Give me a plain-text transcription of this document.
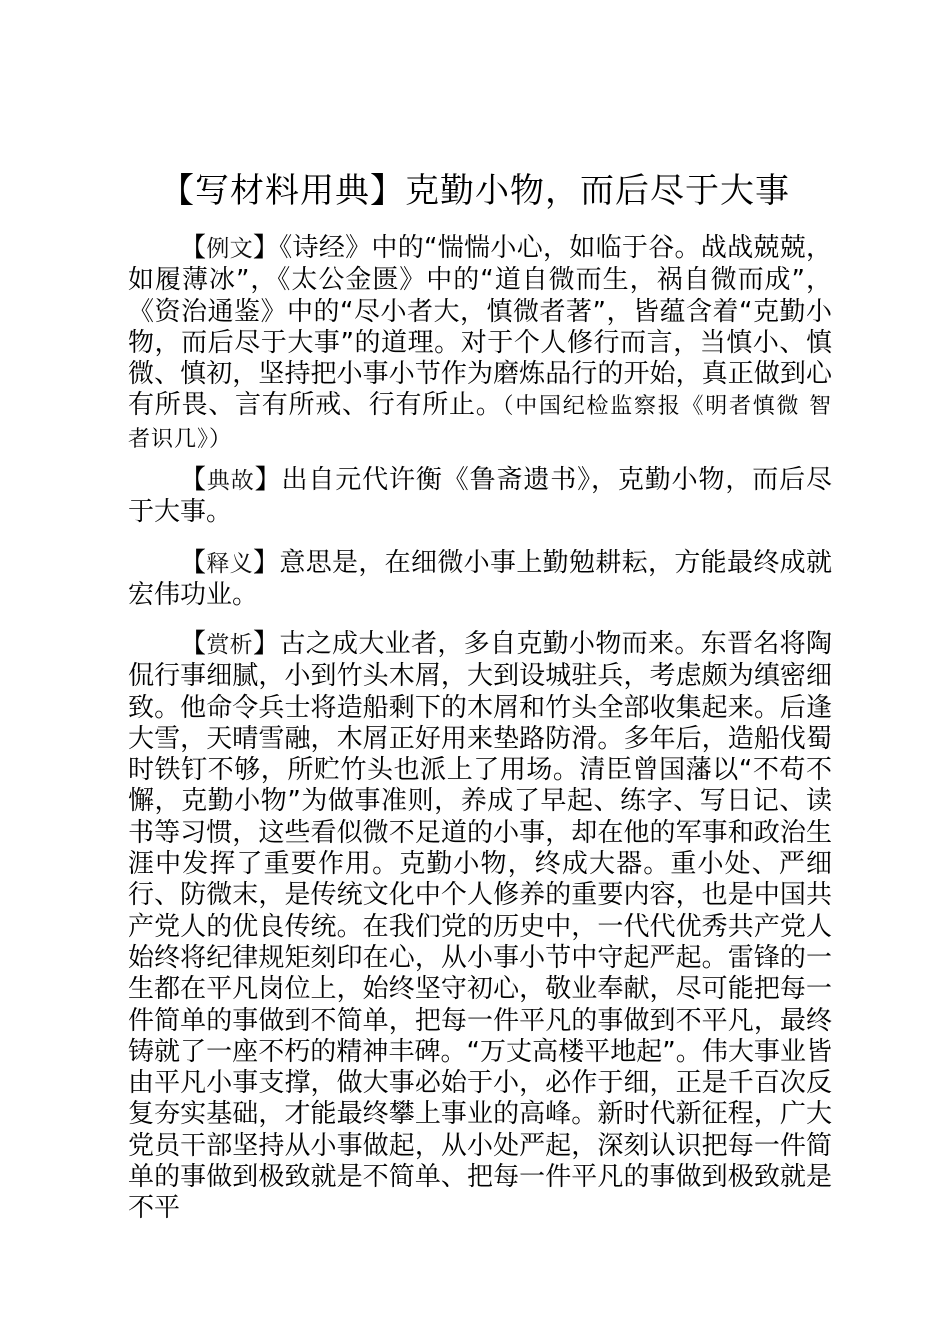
【写材料用典】克勤小物，而后尽于大事

【例文】《诗经》中的“惴惴小心，如临于谷。战战兢兢，如履薄冰”，《太公金匮》中的“道自微而生，祸自微而成”，《资治通鉴》中的“尽小者大，慎微者著”，皆蕴含着“克勤小物，而后尽于大事”的道理。对于个人修行而言，当慎小、慎微、慎初，坚持把小事小节作为磨炼品行的开始，真正做到心有所畏、言有所戒、行有所止。（中国纪检监察报《明者慎微 智者识几》）

【典故】出自元代许衡《鲁斋遗书》，克勤小物，而后尽于大事。

【释义】意思是，在细微小事上勤勉耕耘，方能最终成就宏伟功业。

【赏析】古之成大业者，多自克勤小物而来。东晋名将陶侃行事细腻，小到竹头木屑，大到设城驻兵，考虑颇为缜密细致。他命令兵士将造船剩下的木屑和竹头全部收集起来。后逢大雪，天晴雪融，木屑正好用来垫路防滑。多年后，造船伐蜀时铁钉不够，所贮竹头也派上了用场。清臣曾国藩以“不苟不懈，克勤小物”为做事准则，养成了早起、练字、写日记、读书等习惯，这些看似微不足道的小事，却在他的军事和政治生涯中发挥了重要作用。克勤小物，终成大器。重小处、严细行、防微末，是传统文化中个人修养的重要内容，也是中国共产党人的优良传统。在我们党的历史中，一代代优秀共产党人始终将纪律规矩刻印在心，从小事小节中守起严起。雷锋的一生都在平凡岗位上，始终坚守初心，敬业奉献，尽可能把每一件简单的事做到不简单，把每一件平凡的事做到不平凡，最终铸就了一座不朽的精神丰碑。“万丈高楼平地起”。伟大事业皆由平凡小事支撑，做大事必始于小，必作于细，正是千百次反复夯实基础，才能最终攀上事业的高峰。新时代新征程，广大党员干部坚持从小事做起，从小处严起，深刻认识把每一件简单的事做到极致就是不简单、把每一件平凡的事做到极致就是不平
